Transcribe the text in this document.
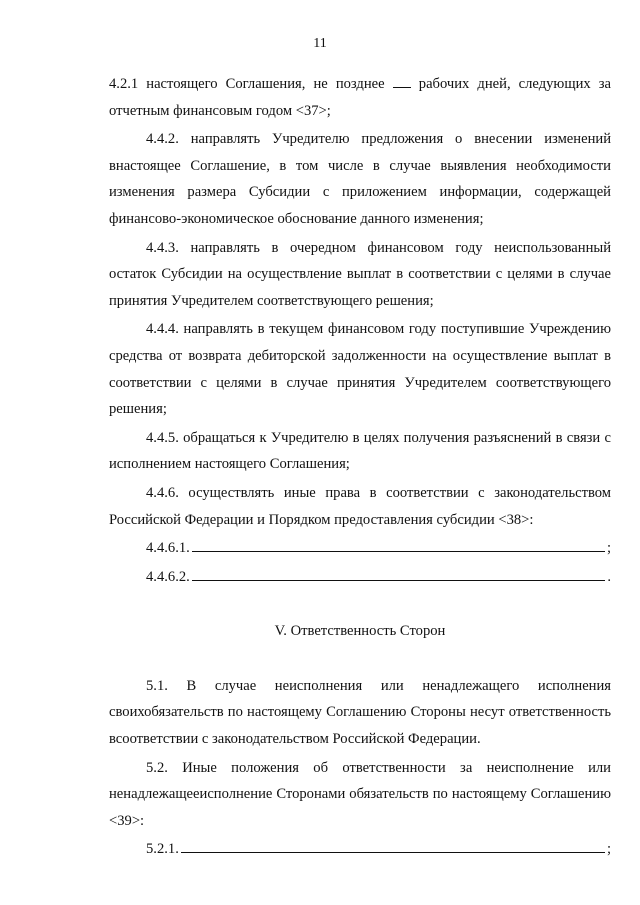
11

4.2.1 настоящего Соглашения, не позднее рабочих дней, следующих за отчетным финансовым годом <37>;

4.4.2. направлять Учредителю предложения о внесении изменений внастоящее Соглашение, в том числе в случае выявления необходимости изменения размера Субсидии с приложением информации, содержащей финансово-экономическое обоснование данного изменения;

4.4.3. направлять в очередном финансовом году неиспользованный остаток Субсидии на осуществление выплат в соответствии с целями в случае принятия Учредителем соответствующего решения;

4.4.4. направлять в текущем финансовом году поступившие Учреждению средства от возврата дебиторской задолженности на осуществление выплат в соответствии с целями в случае принятия Учредителем соответствующего решения;

4.4.5. обращаться к Учредителю в целях получения разъяснений в связи с исполнением настоящего Соглашения;

4.4.6. осуществлять иные права в соответствии с законодательством Российской Федерации и Порядком предоставления субсидии <38>:

4.4.6.1.	;
4.4.6.2.	.
V. Ответственность Сторон

5.1. В случае неисполнения или ненадлежащего исполнения своихобязательств по настоящему Соглашению Стороны несут ответственность всоответствии с законодательством Российской Федерации.

5.2. Иные положения об ответственности за неисполнение или ненадлежащееисполнение Сторонами обязательств по настоящему Соглашению <39>:

5.2.1.	;
